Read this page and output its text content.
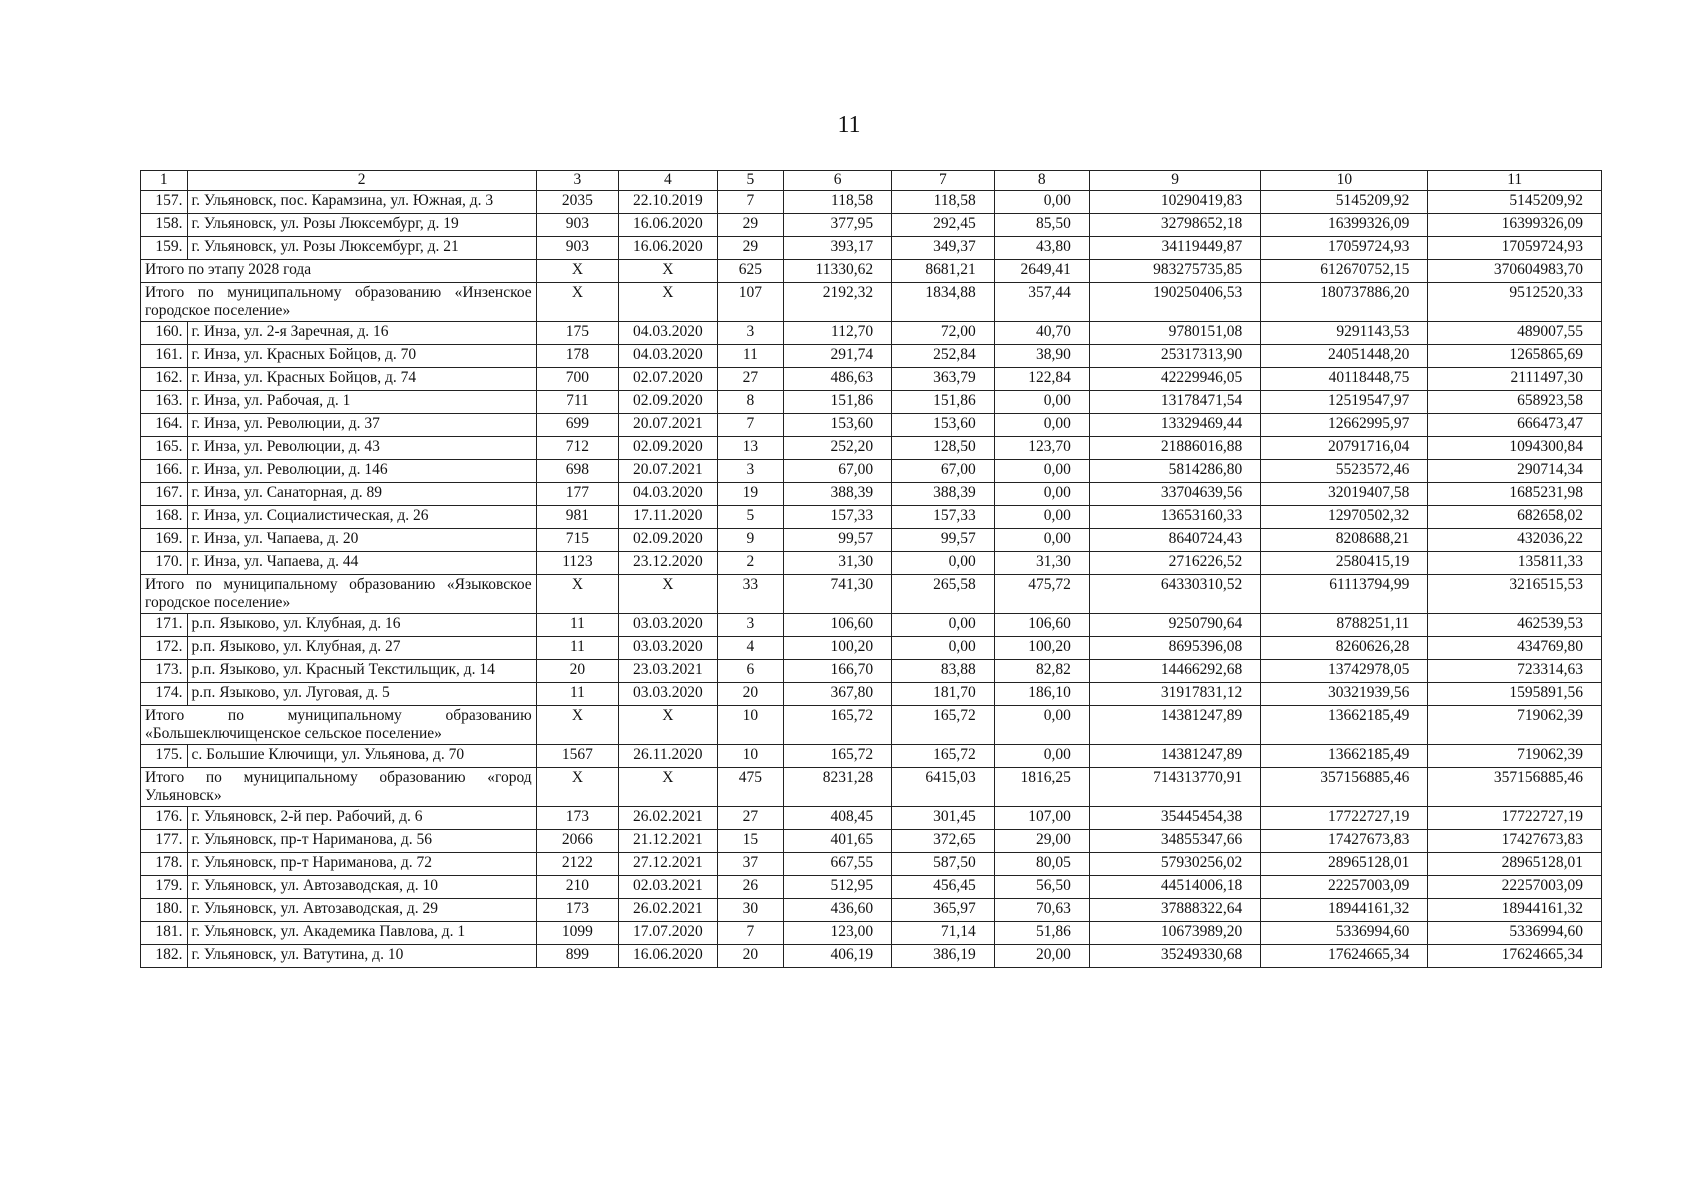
11
1	2	3	4	5	6	7	8	9	10	11
157.	г. Ульяновск, пос. Карамзина, ул. Южная, д. 3	2035	22.10.2019	7	118,58	118,58	0,00	10290419,83	5145209,92	5145209,92
158.	г. Ульяновск, ул. Розы Люксембург, д. 19	903	16.06.2020	29	377,95	292,45	85,50	32798652,18	16399326,09	16399326,09
159.	г. Ульяновск, ул. Розы Люксембург, д. 21	903	16.06.2020	29	393,17	349,37	43,80	34119449,87	17059724,93	17059724,93
Итого по этапу 2028 года		X	X	625	11330,62	8681,21	2649,41	983275735,85	612670752,15	370604983,70
Итого по муниципальному образованию «Инзенское городское поселение»		X	X	107	2192,32	1834,88	357,44	190250406,53	180737886,20	9512520,33
160.	г. Инза, ул. 2-я Заречная, д. 16	175	04.03.2020	3	112,70	72,00	40,70	9780151,08	9291143,53	489007,55
161.	г. Инза, ул. Красных Бойцов, д. 70	178	04.03.2020	11	291,74	252,84	38,90	25317313,90	24051448,20	1265865,69
162.	г. Инза, ул. Красных Бойцов, д. 74	700	02.07.2020	27	486,63	363,79	122,84	42229946,05	40118448,75	2111497,30
163.	г. Инза, ул. Рабочая, д. 1	711	02.09.2020	8	151,86	151,86	0,00	13178471,54	12519547,97	658923,58
164.	г. Инза, ул. Революции, д. 37	699	20.07.2021	7	153,60	153,60	0,00	13329469,44	12662995,97	666473,47
165.	г. Инза, ул. Революции, д. 43	712	02.09.2020	13	252,20	128,50	123,70	21886016,88	20791716,04	1094300,84
166.	г. Инза, ул. Революции, д. 146	698	20.07.2021	3	67,00	67,00	0,00	5814286,80	5523572,46	290714,34
167.	г. Инза, ул. Санаторная, д. 89	177	04.03.2020	19	388,39	388,39	0,00	33704639,56	32019407,58	1685231,98
168.	г. Инза, ул. Социалистическая, д. 26	981	17.11.2020	5	157,33	157,33	0,00	13653160,33	12970502,32	682658,02
169.	г. Инза, ул. Чапаева, д. 20	715	02.09.2020	9	99,57	99,57	0,00	8640724,43	8208688,21	432036,22
170.	г. Инза, ул. Чапаева, д. 44	1123	23.12.2020	2	31,30	0,00	31,30	2716226,52	2580415,19	135811,33
Итого по муниципальному образованию «Языковское городское поселение»		X	X	33	741,30	265,58	475,72	64330310,52	61113794,99	3216515,53
171.	р.п. Языково, ул. Клубная, д. 16	11	03.03.2020	3	106,60	0,00	106,60	9250790,64	8788251,11	462539,53
172.	р.п. Языково, ул. Клубная, д. 27	11	03.03.2020	4	100,20	0,00	100,20	8695396,08	8260626,28	434769,80
173.	р.п. Языково, ул. Красный Текстильщик, д. 14	20	23.03.2021	6	166,70	83,88	82,82	14466292,68	13742978,05	723314,63
174.	р.п. Языково, ул. Луговая, д. 5	11	03.03.2020	20	367,80	181,70	186,10	31917831,12	30321939,56	1595891,56
Итого по муниципальному образованию «Большеключищенское сельское поселение»		X	X	10	165,72	165,72	0,00	14381247,89	13662185,49	719062,39
175.	с. Большие Ключищи, ул. Ульянова, д. 70	1567	26.11.2020	10	165,72	165,72	0,00	14381247,89	13662185,49	719062,39
Итого по муниципальному образованию «город Ульяновск»		X	X	475	8231,28	6415,03	1816,25	714313770,91	357156885,46	357156885,46
176.	г. Ульяновск, 2-й пер. Рабочий, д. 6	173	26.02.2021	27	408,45	301,45	107,00	35445454,38	17722727,19	17722727,19
177.	г. Ульяновск, пр-т Нариманова, д. 56	2066	21.12.2021	15	401,65	372,65	29,00	34855347,66	17427673,83	17427673,83
178.	г. Ульяновск, пр-т Нариманова, д. 72	2122	27.12.2021	37	667,55	587,50	80,05	57930256,02	28965128,01	28965128,01
179.	г. Ульяновск, ул. Автозаводская, д. 10	210	02.03.2021	26	512,95	456,45	56,50	44514006,18	22257003,09	22257003,09
180.	г. Ульяновск, ул. Автозаводская, д. 29	173	26.02.2021	30	436,60	365,97	70,63	37888322,64	18944161,32	18944161,32
181.	г. Ульяновск, ул. Академика Павлова, д. 1	1099	17.07.2020	7	123,00	71,14	51,86	10673989,20	5336994,60	5336994,60
182.	г. Ульяновск, ул. Ватутина, д. 10	899	16.06.2020	20	406,19	386,19	20,00	35249330,68	17624665,34	17624665,34
